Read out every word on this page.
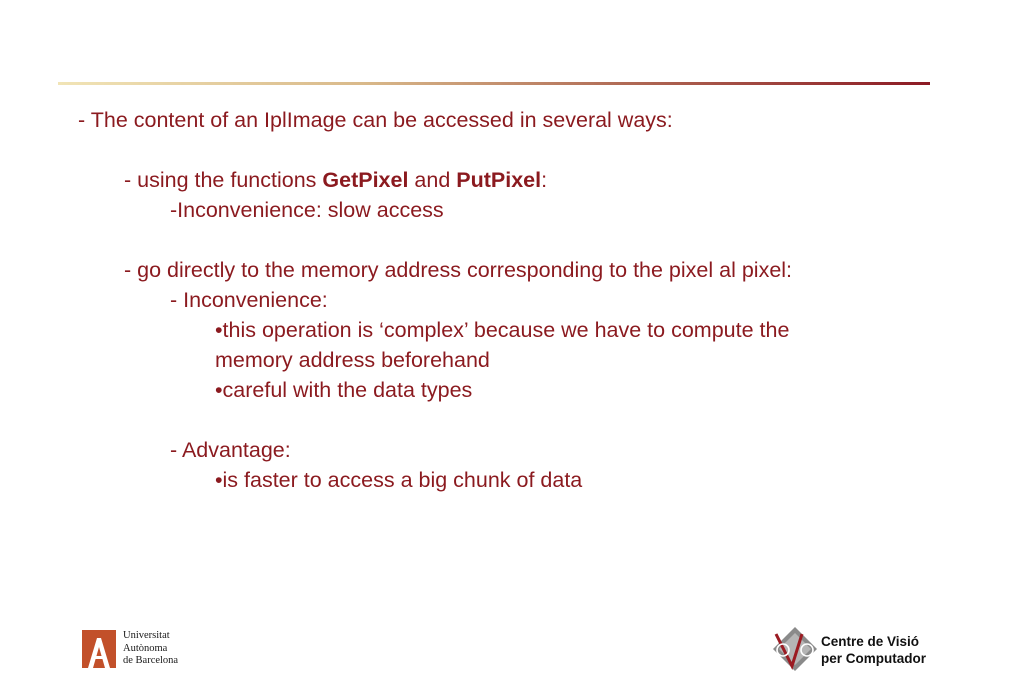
- The content of an IplImage can be accessed in several ways:
- using the functions GetPixel and PutPixel:
-Inconvenience: slow access
- go directly to the memory address corresponding to the pixel al pixel:
- Inconvenience:
•this operation is ‘complex’ because we have to compute the
memory address beforehand
•careful with the data types
- Advantage:
•is faster to access a big chunk of data
Universitat
Autònoma
de Barcelona
Centre de Visió
per Computador
